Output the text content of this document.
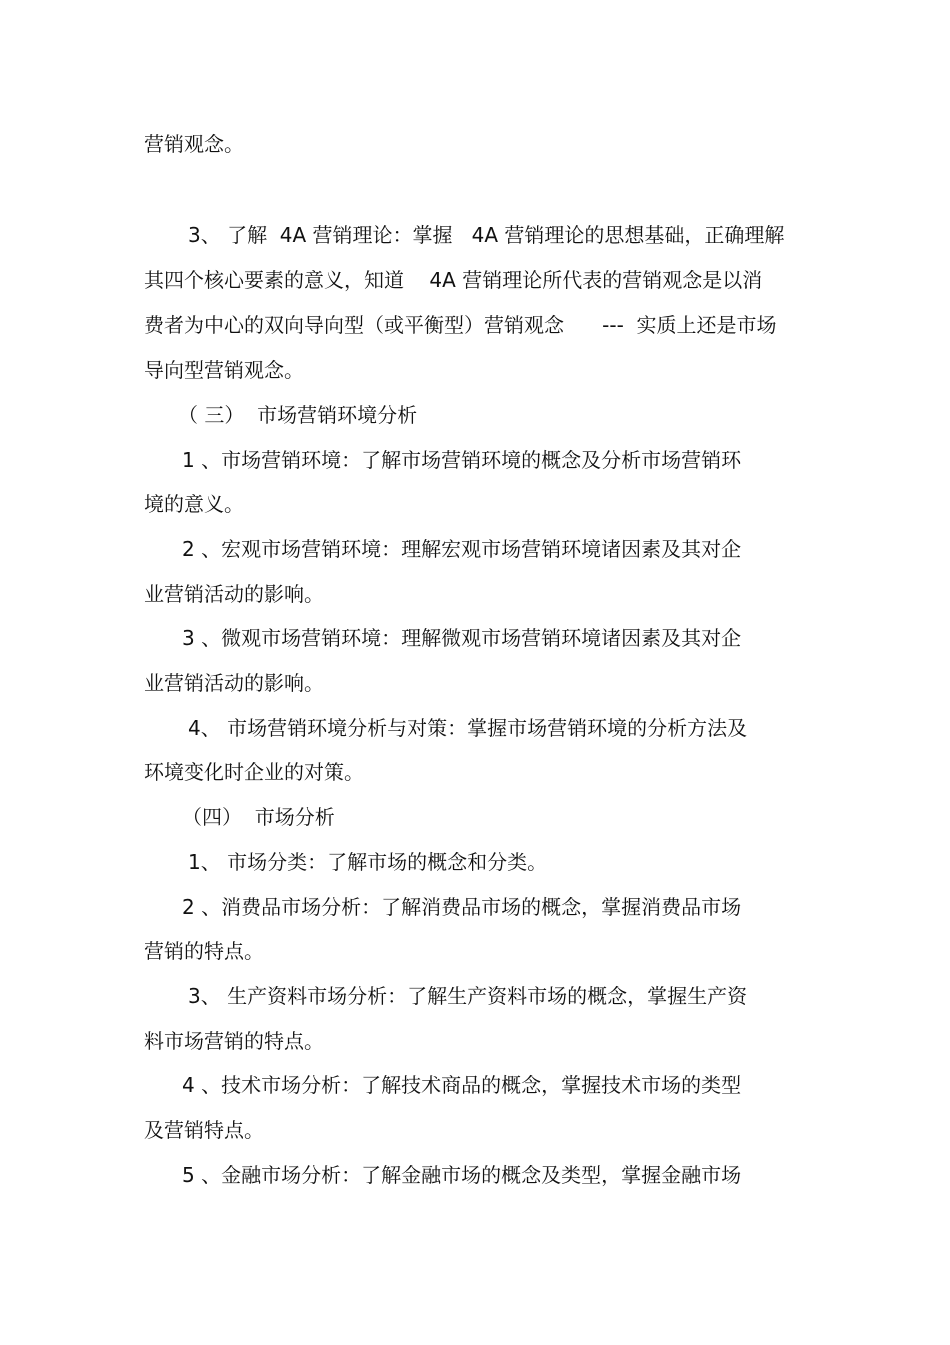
营销观念。

3、 了解  4A 营销理论：掌握   4A 营销理论的思想基础，正确理解

其四个核心要素的意义，知道    4A 营销理论所代表的营销观念是以消

费者为中心的双向导向型（或平衡型）营销观念      ---  实质上还是市场

导向型营销观念。

（ 三）  市场营销环境分析

1 、市场营销环境：了解市场营销环境的概念及分析市场营销环

境的意义。

2 、宏观市场营销环境：理解宏观市场营销环境诸因素及其对企

业营销活动的影响。

3 、微观市场营销环境：理解微观市场营销环境诸因素及其对企

业营销活动的影响。

4、 市场营销环境分析与对策：掌握市场营销环境的分析方法及

环境变化时企业的对策。

（四）  市场分析

1、 市场分类：了解市场的概念和分类。

2 、消费品市场分析：了解消费品市场的概念，掌握消费品市场

营销的特点。

3、 生产资料市场分析：了解生产资料市场的概念，掌握生产资

料市场营销的特点。

4 、技术市场分析：了解技术商品的概念，掌握技术市场的类型

及营销特点。

5 、金融市场分析：了解金融市场的概念及类型，掌握金融市场
